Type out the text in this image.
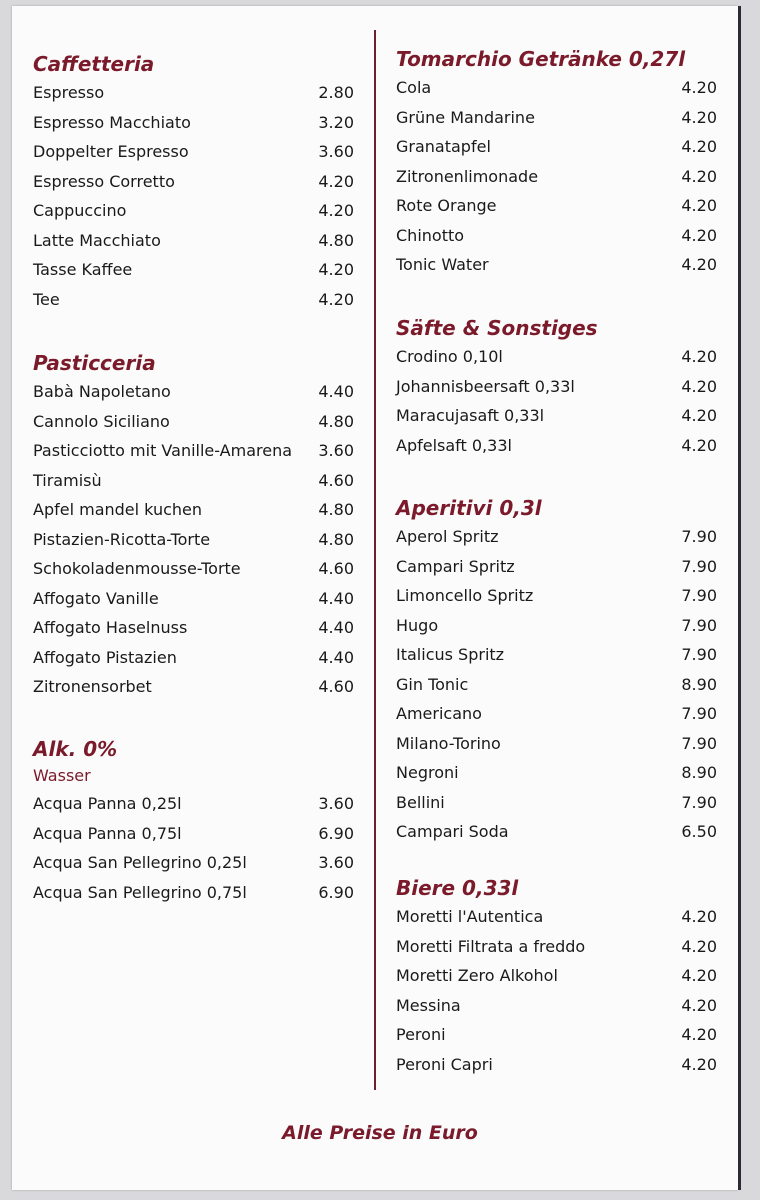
Caffetteria
Espresso	2.80
Espresso Macchiato	3.20
Doppelter Espresso	3.60
Espresso Corretto	4.20
Cappuccino	4.20
Latte Macchiato	4.80
Tasse Kaffee	4.20
Tee	4.20
Pasticceria
Babà Napoletano	4.40
Cannolo Siciliano	4.80
Pasticciotto mit Vanille-Amarena 3.60
Tiramisù	4.60
Apfel mandel kuchen	4.80
Pistazien-Ricotta-Torte	4.80
Schokoladenmousse-Torte	4.60
Affogato Vanille	4.40
Affogato Haselnuss	4.40
Affogato Pistazien	4.40
Zitronensorbet	4.60
Alk. 0%
Wasser
Acqua Panna 0,25l	3.60
Acqua Panna 0,75l	6.90
Acqua San Pellegrino 0,25l	3.60
Acqua San Pellegrino 0,75l	6.90
Tomarchio Getränke 0,27l
Cola	4.20
Grüne Mandarine	4.20
Granatapfel	4.20
Zitronenlimonade	4.20
Rote Orange	4.20
Chinotto	4.20
Tonic Water	4.20
Säfte & Sonstiges
Crodino 0,10l	4.20
Johannisbeersaft 0,33l	4.20
Maracujasaft 0,33l	4.20
Apfelsaft 0,33l	4.20
Aperitivi 0,3l
Aperol Spritz	7.90
Campari Spritz	7.90
Limoncello Spritz	7.90
Hugo	7.90
Italicus Spritz	7.90
Gin Tonic	8.90
Americano	7.90
Milano-Torino	7.90
Negroni	8.90
Bellini	7.90
Campari Soda	6.50
Biere 0,33l
Moretti l'Autentica	4.20
Moretti Filtrata a freddo	4.20
Moretti Zero Alkohol	4.20
Messina	4.20
Peroni	4.20
Peroni Capri	4.20
Alle Preise in Euro
